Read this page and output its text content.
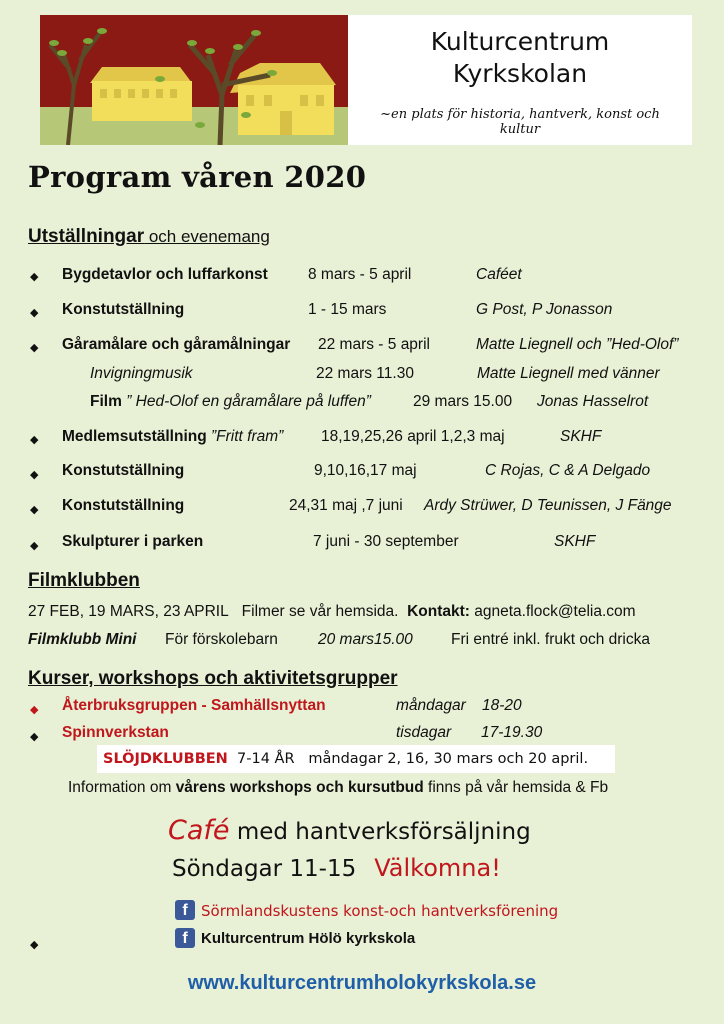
Kulturcentrum
Kyrkskolan
~en plats för historia, hantverk, konst och
kultur
Program våren 2020
Utställningar och evenemang
◆ Bygdetavlor och luffarkonst	8 mars - 5 april	Caféet
◆ Konstutställning	1 - 15 mars	G Post, P Jonasson
◆ Gåramålare och gåramålningar 22 mars - 5 april	Matte Liegnell och ”Hed-Olof”
Invigningmusik	22 mars 11.30	Matte Liegnell med vänner
Film ” Hed-Olof en gåramålare på luffen”	29 mars 15.00 Jonas Hasselrot
◆ Medlemsutställning ”Fritt fram” 18,19,25,26 april 1,2,3 maj	SKHF
◆ Konstutställning	9,10,16,17 maj	C Rojas, C & A Delgado
◆ Konstutställning	24,31 maj ,7 juni Ardy Strüwer, D Teunissen, J Fänge
◆ Skulpturer i parken	7 juni - 30 september	SKHF
Filmklubben
27 FEB, 19 MARS, 23 APRIL Filmer se vår hemsida. Kontakt: agneta.flock@telia.com
Filmklubb Mini För förskolebarn	20 mars15.00 Fri entré inkl. frukt och dricka
Kurser, workshops och aktivitetsgrupper
◆ Återbruksgruppen - Samhällsnyttan	måndagar 18-20
◆ Spinnverkstan	tisdagar 17-19.30
SLÖJDKLUBBEN 7-14 ÅR måndagar 2, 16, 30 mars och 20 april.
Information om vårens workshops och kursutbud finns på vår hemsida & Fb
Café med hantverksförsäljning
Söndagar 11-15 Välkomna!
f Sörmlandskustens konst-och hantverksförening
◆	f Kulturcentrum Hölö kyrkskola
www.kulturcentrumholokyrkskola.se
